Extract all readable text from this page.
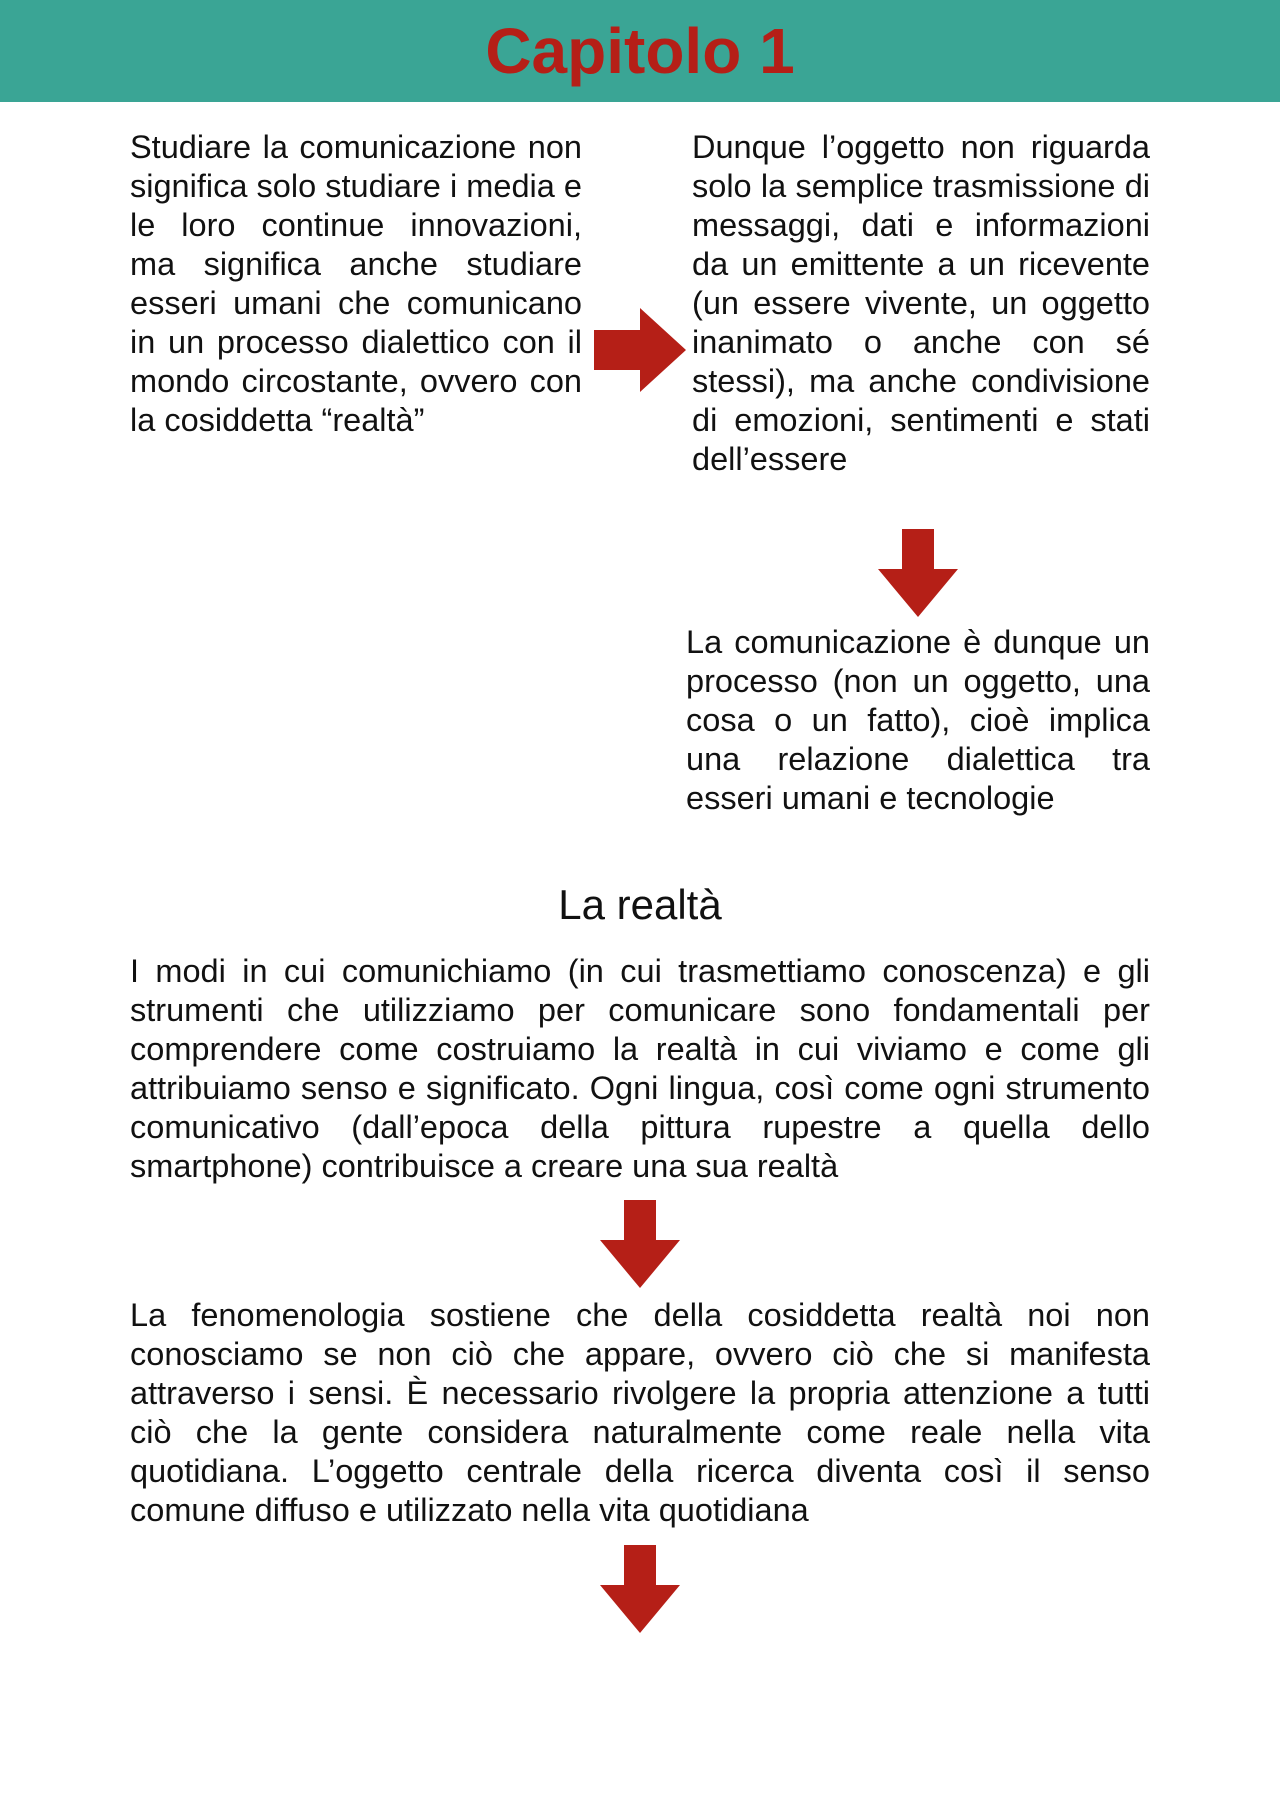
Capitolo 1

Studiare la comunicazione non significa solo studiare i media e le loro continue innovazioni, ma significa anche studiare esseri umani che comunicano in un processo dialettico con il mondo circostante, ovvero con la cosiddetta “realtà”

Dunque l’oggetto non riguarda solo la semplice trasmissione di messaggi, dati e informazioni da un emittente a un ricevente (un essere vivente, un oggetto inanimato o anche con sé stessi), ma anche condivisione di emozioni, sentimenti e stati dell’essere

La comunicazione è dunque un processo (non un oggetto, una cosa o un fatto), cioè implica una relazione dialettica tra esseri umani e tecnologie

La realtà

I modi in cui comunichiamo (in cui trasmettiamo conoscenza) e gli strumenti che utilizziamo per comunicare sono fondamentali per comprendere come costruiamo la realtà in cui viviamo e come gli attribuiamo senso e significato. Ogni lingua, così come ogni strumento comunicativo (dall’epoca della pittura rupestre a quella dello smartphone) contribuisce a creare una sua realtà

La fenomenologia sostiene che della cosiddetta realtà noi non conosciamo se non ciò che appare, ovvero ciò che si manifesta attraverso i sensi. È necessario rivolgere la propria attenzione a tutti ciò che la gente considera naturalmente come reale nella vita quotidiana. L’oggetto centrale della ricerca diventa così il senso comune diffuso e utilizzato nella vita quotidiana
